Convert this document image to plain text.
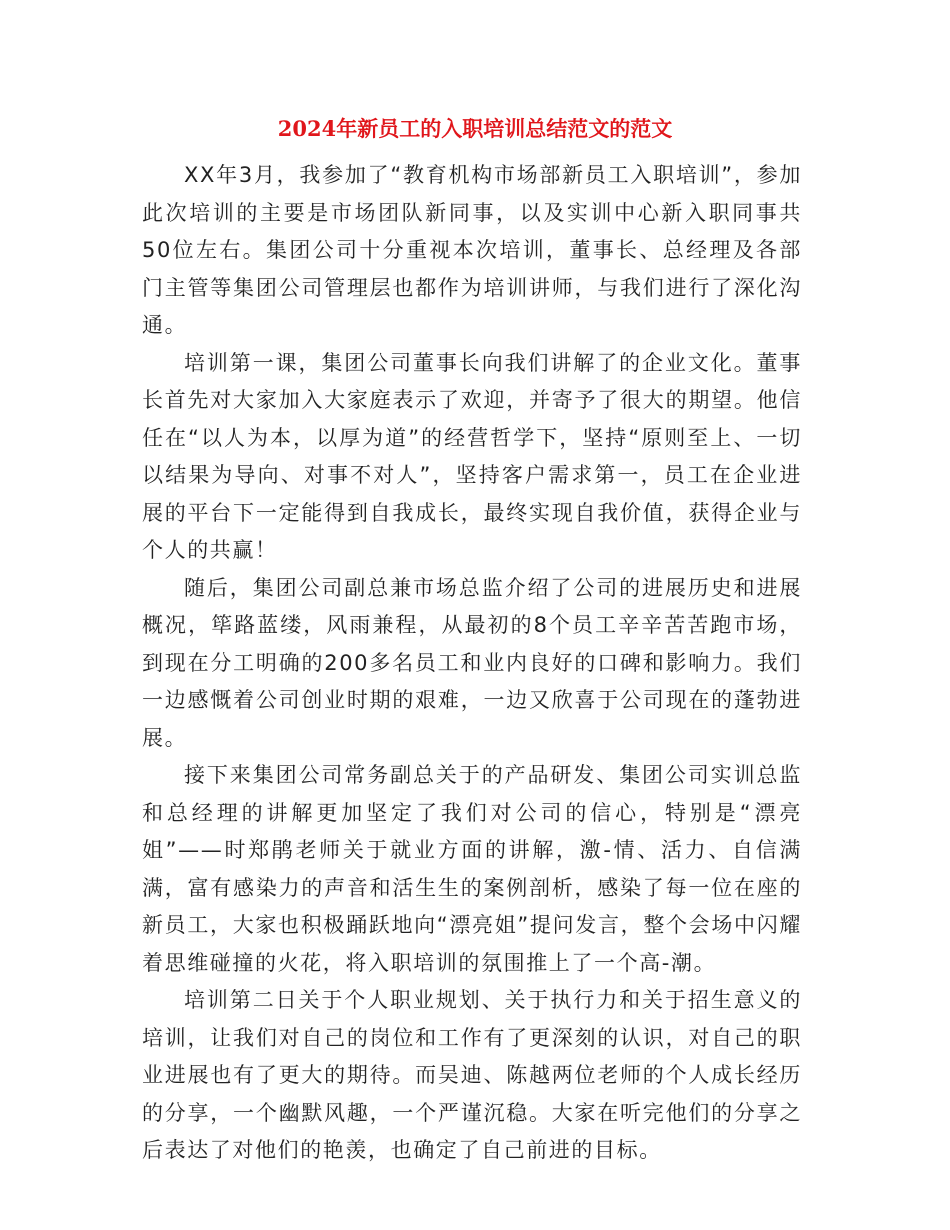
2024年新员工的入职培训总结范文的范文

XX年3月，我参加了“教育机构市场部新员工入职培训”，参加此次培训的主要是市场团队新同事，以及实训中心新入职同事共50位左右。集团公司十分重视本次培训，董事长、总经理及各部门主管等集团公司管理层也都作为培训讲师，与我们进行了深化沟通。

培训第一课，集团公司董事长向我们讲解了的企业文化。董事长首先对大家加入大家庭表示了欢迎，并寄予了很大的期望。他信任在“以人为本，以厚为道”的经营哲学下，坚持“原则至上、一切以结果为导向、对事不对人”，坚持客户需求第一，员工在企业进展的平台下一定能得到自我成长，最终实现自我价值，获得企业与个人的共赢！

随后，集团公司副总兼市场总监介绍了公司的进展历史和进展概况，筚路蓝缕，风雨兼程，从最初的8个员工辛辛苦苦跑市场，到现在分工明确的200多名员工和业内良好的口碑和影响力。我们一边感慨着公司创业时期的艰难，一边又欣喜于公司现在的蓬勃进展。

接下来集团公司常务副总关于的产品研发、集团公司实训总监和总经理的讲解更加坚定了我们对公司的信心，特别是“漂亮姐”——时郑鹃老师关于就业方面的讲解，激-情、活力、自信满满，富有感染力的声音和活生生的案例剖析，感染了每一位在座的新员工，大家也积极踊跃地向“漂亮姐”提问发言，整个会场中闪耀着思维碰撞的火花，将入职培训的氛围推上了一个高-潮。

培训第二日关于个人职业规划、关于执行力和关于招生意义的培训，让我们对自己的岗位和工作有了更深刻的认识，对自己的职业进展也有了更大的期待。而吴迪、陈越两位老师的个人成长经历的分享，一个幽默风趣，一个严谨沉稳。大家在听完他们的分享之后表达了对他们的艳羡，也确定了自己前进的目标。
